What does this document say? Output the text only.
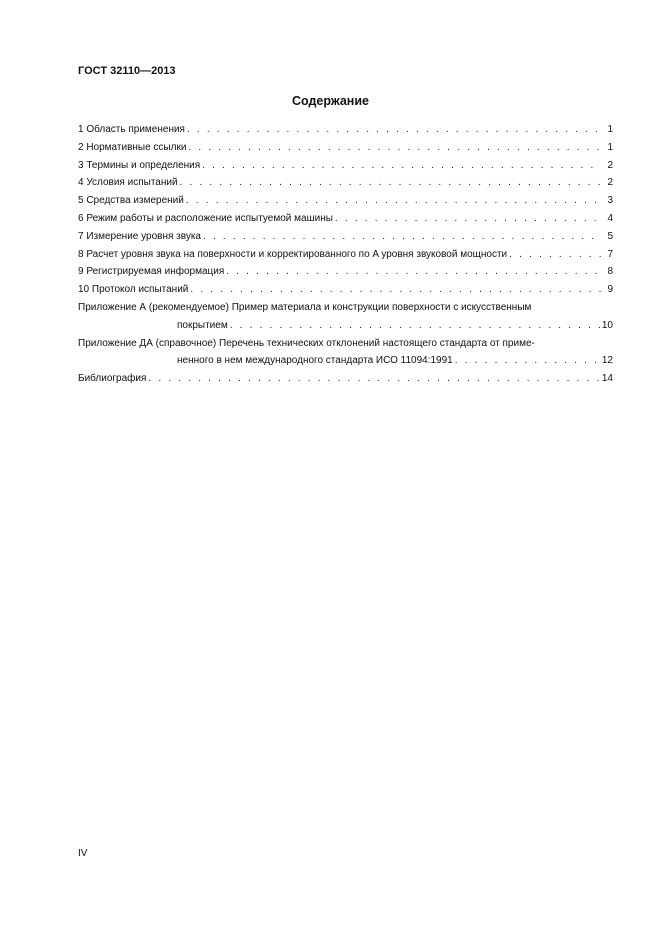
ГОСТ 32110—2013
Содержание
1 Область применения . . .	1
2 Нормативные ссылки . . .	1
3 Термины и определения . . .	2
4 Условия испытаний . . .	2
5 Средства измерений . . .	3
6 Режим работы и расположение испытуемой машины . . .	4
7 Измерение уровня звука . . .	5
8 Расчет уровня звука на поверхности и корректированного по A уровня звуковой мощности . . .	7
9 Регистрируемая информация . . .	8
10 Протокол испытаний . . .	9
Приложение А (рекомендуемое) Пример материала и конструкции поверхности с искусственным
покрытием . . .	10
Приложение ДА (справочное) Перечень технических отклонений настоящего стандарта от приме-
ненного в нем международного стандарта ИСО 11094:1991 . . .	12
Библиография . . .	14
IV
